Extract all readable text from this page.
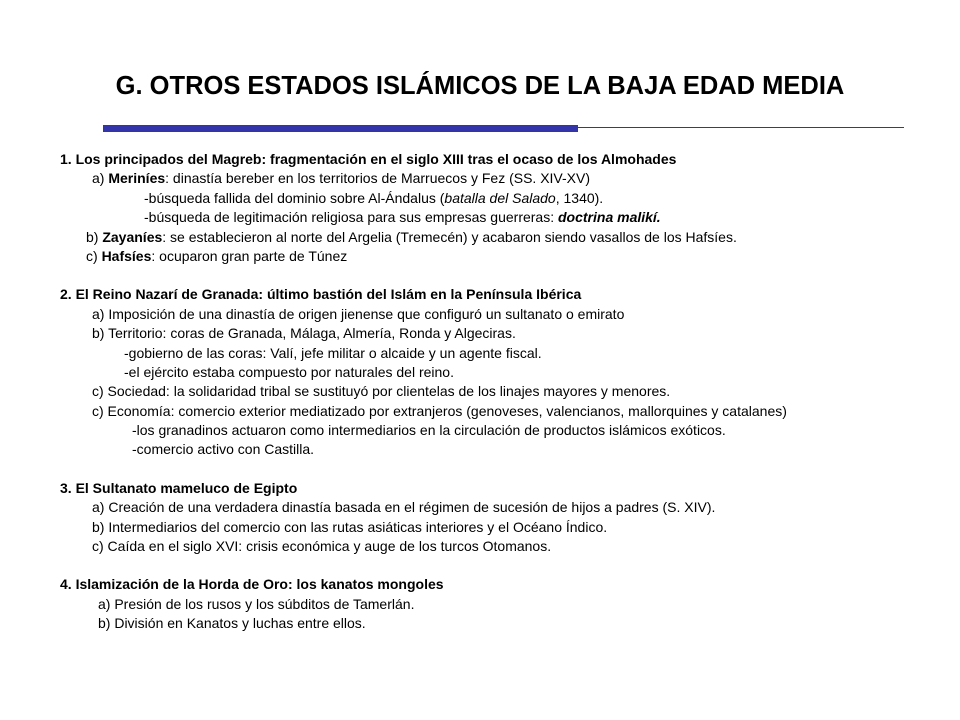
G. OTROS ESTADOS ISLÁMICOS DE LA BAJA EDAD MEDIA
1. Los principados del Magreb: fragmentación en el siglo XIII tras el ocaso de los Almohades
a) Meriníes: dinastía bereber en los territorios de Marruecos y Fez (SS. XIV-XV)
-búsqueda fallida del dominio sobre Al-Ándalus (batalla del Salado, 1340).
-búsqueda de legitimación religiosa para sus empresas guerreras: doctrina malikí.
b) Zayaníes: se establecieron al norte del Argelia (Tremecén) y acabaron siendo vasallos de los Hafsíes.
c) Hafsíes: ocuparon gran parte de Túnez
2. El Reino Nazarí de Granada: último bastión del Islám en la Península Ibérica
a) Imposición de una dinastía de origen jienense que configuró un sultanato o emirato
b) Territorio: coras de Granada, Málaga, Almería, Ronda y Algeciras.
-gobierno de las coras: Valí, jefe militar o alcaide y un agente fiscal.
-el ejército estaba compuesto por naturales del reino.
c) Sociedad: la solidaridad tribal se sustituyó por clientelas de los linajes mayores y menores.
c) Economía: comercio exterior mediatizado por extranjeros (genoveses, valencianos, mallorquines y catalanes)
-los granadinos actuaron como intermediarios en la circulación de productos islámicos exóticos.
-comercio activo con Castilla.
3. El Sultanato mameluco de Egipto
a) Creación de una verdadera dinastía basada en el régimen de sucesión de hijos a padres (S. XIV).
b) Intermediarios del comercio con las rutas asiáticas interiores y el Océano Índico.
c) Caída en el siglo XVI: crisis económica y auge de los turcos Otomanos.
4. Islamización de la Horda de Oro: los kanatos mongoles
a) Presión de los rusos y los súbditos de Tamerlán.
b) División en Kanatos y luchas entre ellos.
